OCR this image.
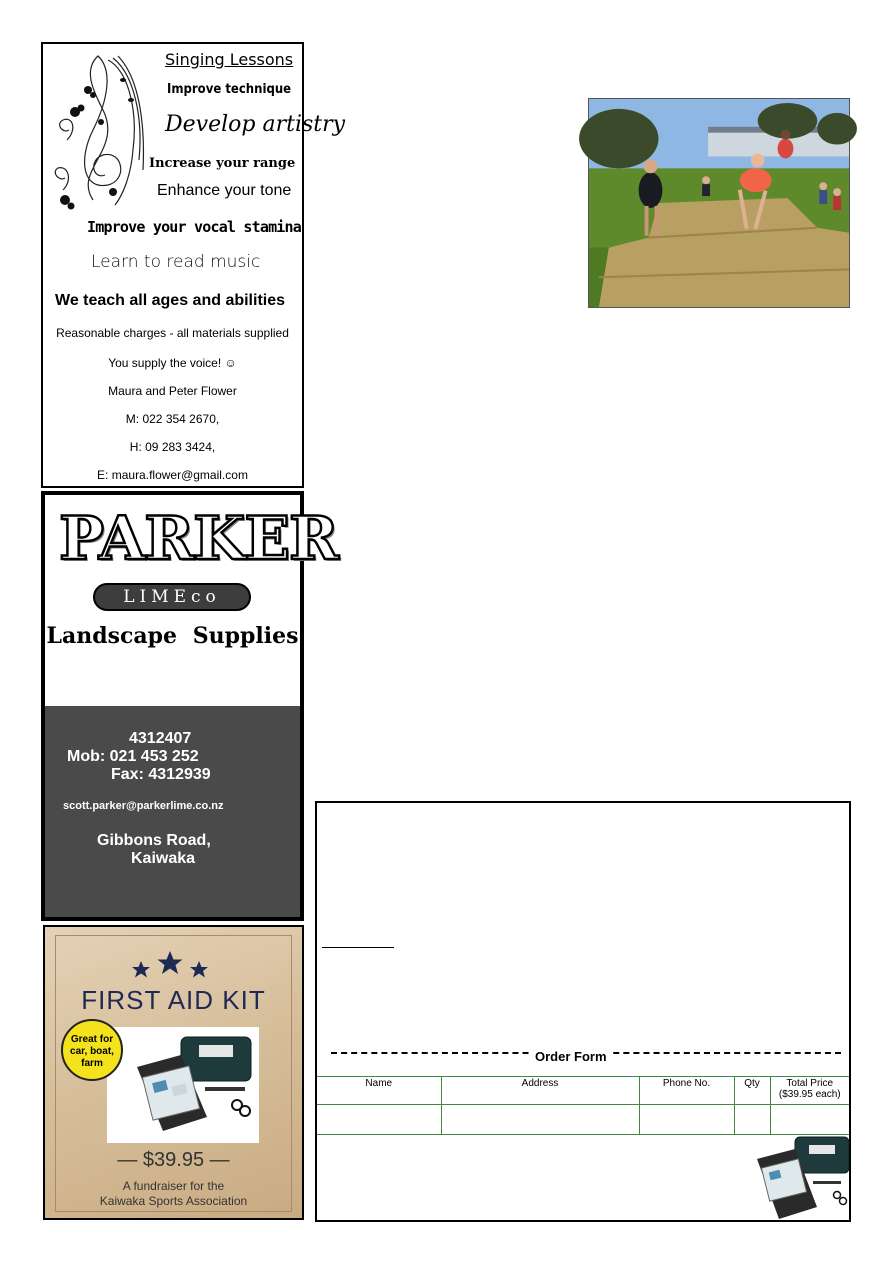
Singing Lessons
Improve technique
Develop artistry
Increase your range
Enhance your tone
Improve your vocal stamina
Learn to read music
We teach all ages and abilities
Reasonable charges - all materials supplied
You supply the voice! ☺
Maura and Peter Flower
M: 022 354 2670,
H: 09 283 3424,
E: maura.flower@gmail.com
PARKER
LIMEco
Landscape Supplies
4312407
Mob: 021 453 252
Fax: 4312939
scott.parker@parkerlime.co.nz
Gibbons Road,
Kaiwaka
FIRST AID KIT
Great for car, boat, farm
— $39.95 —
A fundraiser for the
Kaiwaka Sports Association
Order Form
Name	Address	Phone No.	Qty	Total Price
($39.95 each)
